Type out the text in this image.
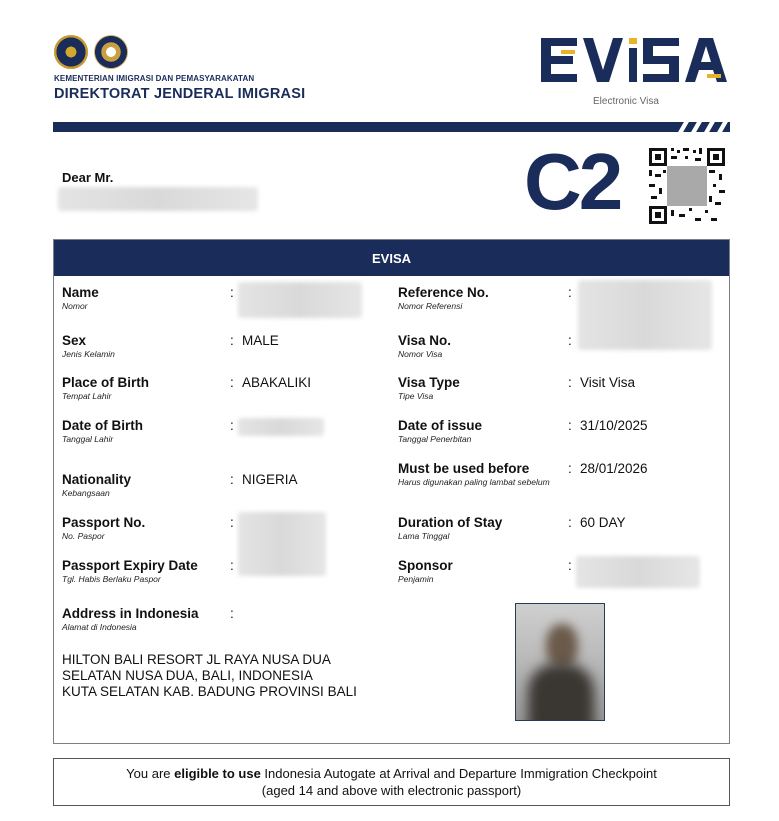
KEMENTERIAN IMIGRASI DAN PEMASYARAKATAN
DIREKTORAT JENDERAL IMIGRASI	Electronic Visa
Dear Mr.	C2
EVISA
Name
Nomor
:
Sex
Jenis Kelamin
: MALE
Place of Birth
Tempat Lahir
: ABAKALIKI
Date of Birth
Tanggal Lahir
:
Nationality
Kebangsaan
: NIGERIA
Passport No.
No. Paspor
:
Passport Expiry Date
Tgl. Habis Berlaku Paspor
:
Address in Indonesia
Alamat di Indonesia
:
HILTON BALI RESORT JL RAYA NUSA DUA
SELATAN NUSA DUA, BALI, INDONESIA
KUTA SELATAN KAB. BADUNG PROVINSI BALI
Reference No.
Nomor Referensi
:
Visa No.
Nomor Visa
:
Visa Type
Tipe Visa
: Visit Visa
Date of issue
Tanggal Penerbitan
: 31/10/2025
Must be used before
Harus digunakan paling lambat sebelum
: 28/01/2026
Duration of Stay
Lama Tinggal
: 60 DAY
Sponsor
Penjamin
:
You are eligible to use Indonesia Autogate at Arrival and Departure Immigration Checkpoint
(aged 14 and above with electronic passport)
